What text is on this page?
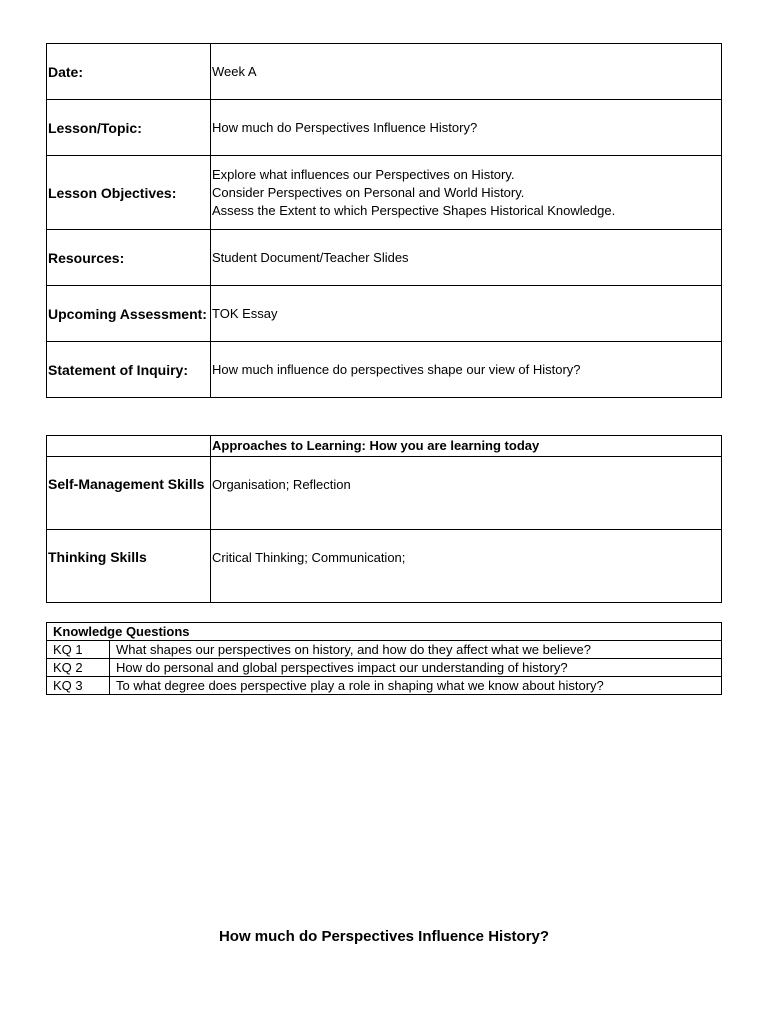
Date:	Week A
Lesson/Topic:	How much do Perspectives Influence History?
Lesson Objectives:	Explore what influences our Perspectives on History.
Consider Perspectives on Personal and World History.
Assess the Extent to which Perspective Shapes Historical Knowledge.

Resources:	Student Document/Teacher Slides
Upcoming Assessment:	TOK Essay
Statement of Inquiry:	How much influence do perspectives shape our view of History?
	Approaches to Learning: How you are learning today
Self-Management Skills	Organisation; Reflection
Thinking Skills	Critical Thinking; Communication;
Knowledge Questions	
KQ 1	What shapes our perspectives on history, and how do they affect what we believe?
KQ 2	How do personal and global perspectives impact our understanding of history?
KQ 3	To what degree does perspective play a role in shaping what we know about history?
How much do Perspectives Influence History?
